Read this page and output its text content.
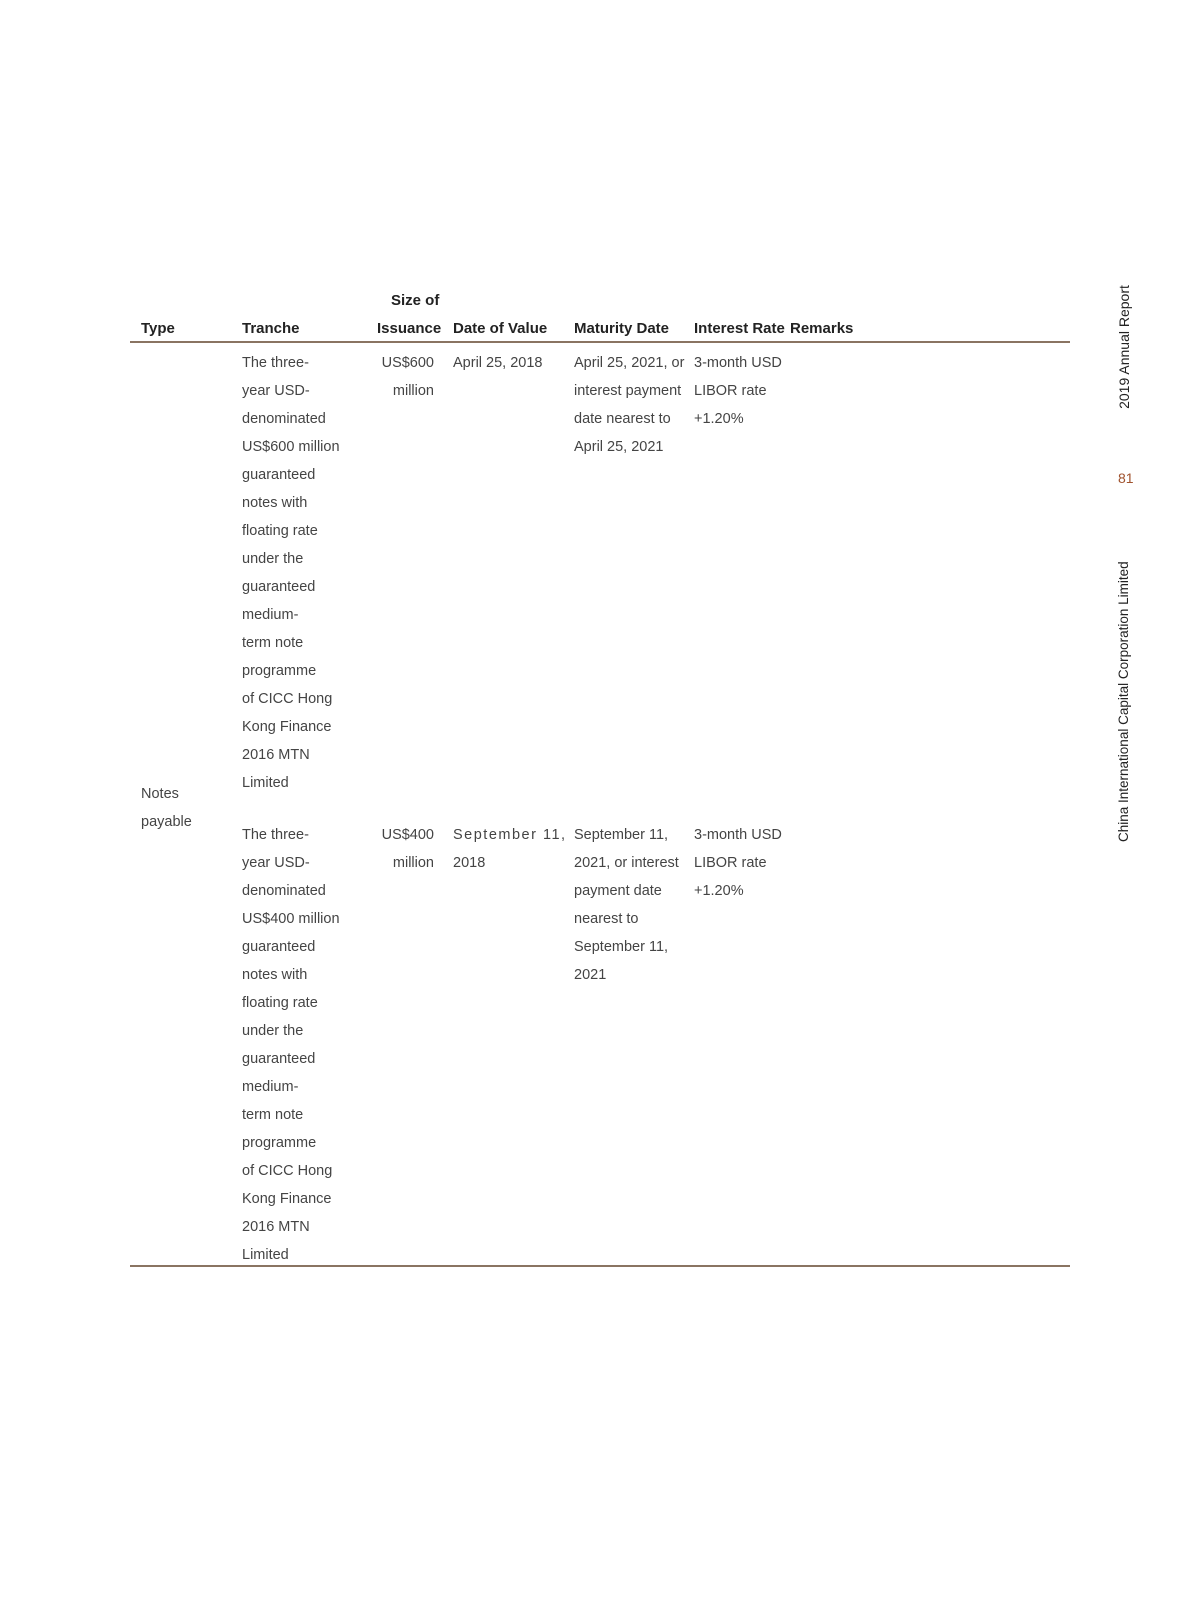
Type	Tranche
Size of
Issuance Date of Value Maturity Date Interest Rate Remarks
Notes
payable
The three-
year USD-
denominated
US$600 million
guaranteed
notes with
floating rate
under the
guaranteed
medium-
term note
programme
of CICC Hong
Kong Finance
2016 MTN
Limited
US$600
million
April 25, 2018 April 25, 2021, or
interest payment
date nearest to
April 25, 2021
3-month USD
LIBOR rate
+1.20%
The three-
year USD-
denominated
US$400 million
guaranteed
notes with
floating rate
under the
guaranteed
medium-
term note
programme
of CICC Hong
Kong Finance
2016 MTN
Limited
US$400
million
September 11,
2018
September 11,
2021, or interest
payment date
nearest to
September 11,
2021
3-month USD
LIBOR rate
+1.20%
2019 Annual Report
81
China International Capital Corporation Limited
